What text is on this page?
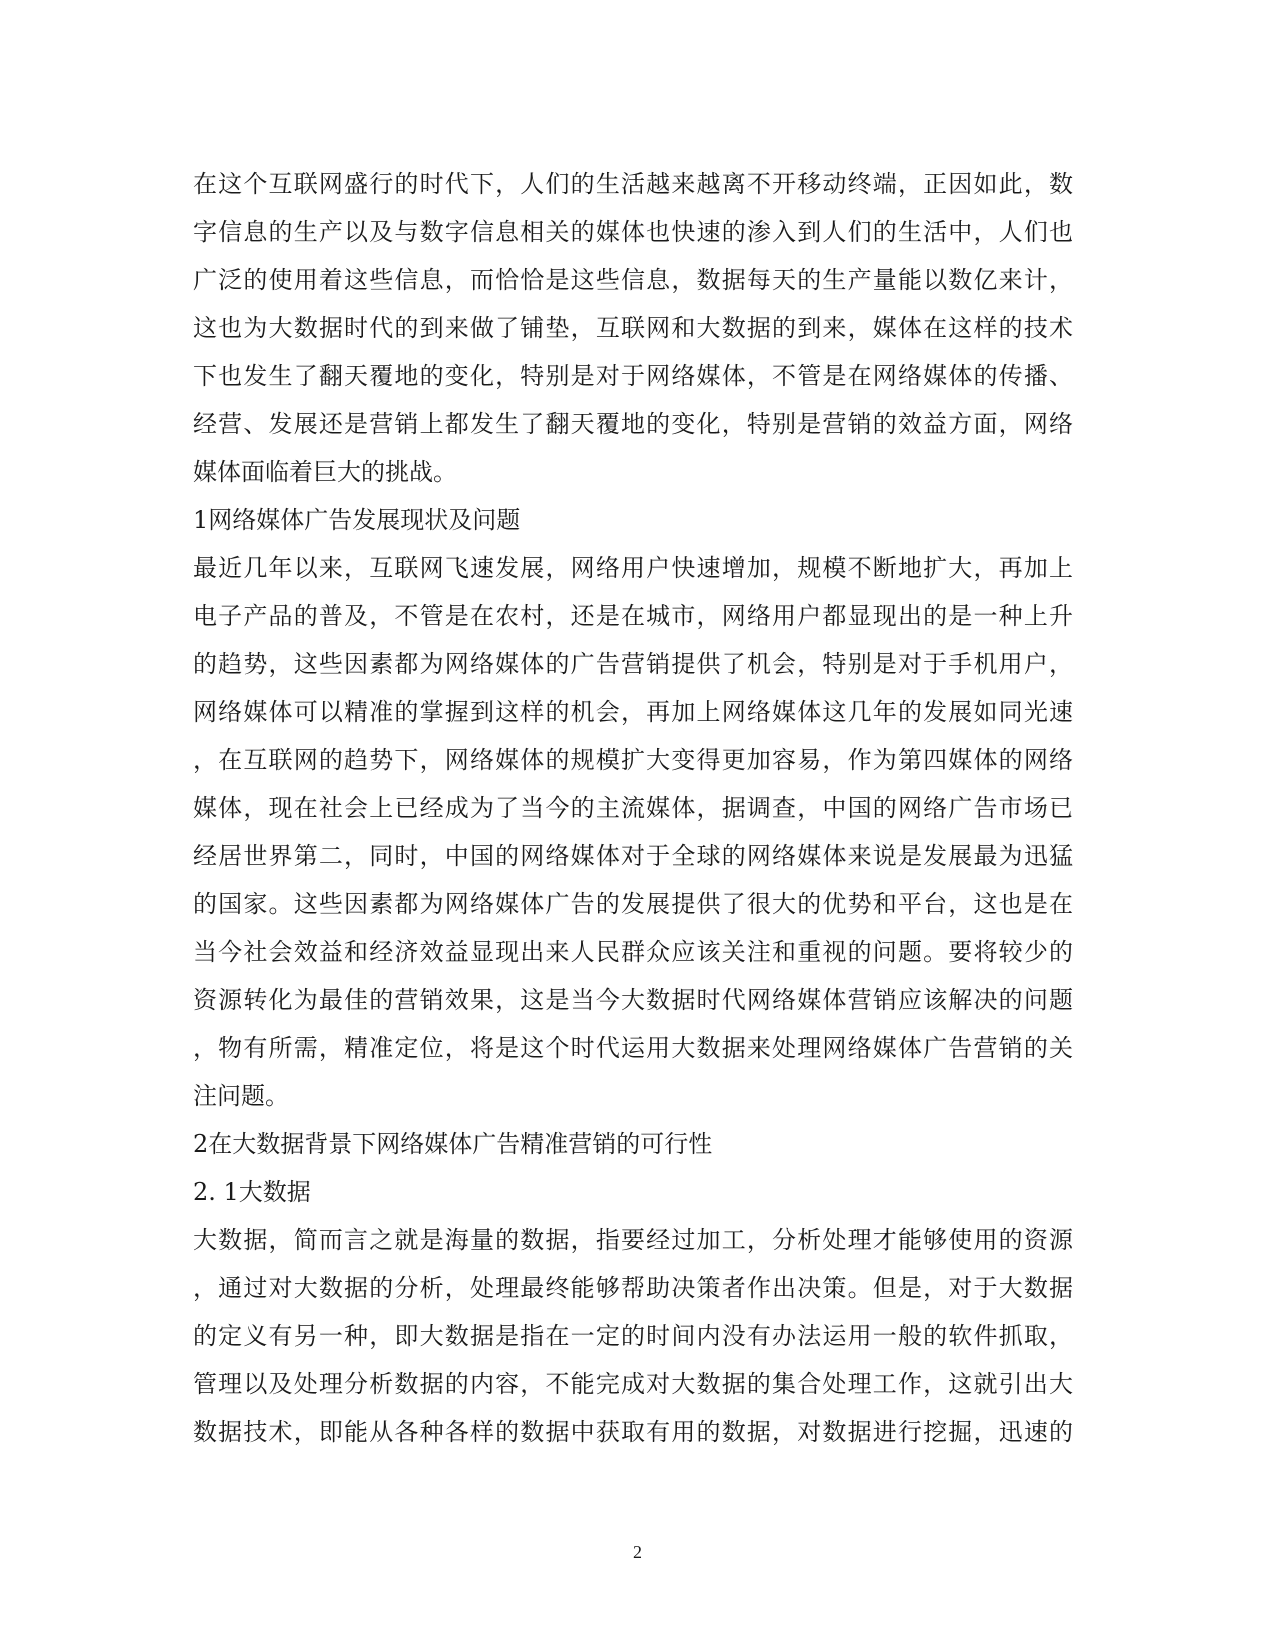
在这个互联网盛行的时代下，人们的生活越来越离不开移动终端，正因如此，数
字信息的生产以及与数字信息相关的媒体也快速的渗入到人们的生活中，人们也
广泛的使用着这些信息，而恰恰是这些信息，数据每天的生产量能以数亿来计，
这也为大数据时代的到来做了铺垫，互联网和大数据的到来，媒体在这样的技术
下也发生了翻天覆地的变化，特别是对于网络媒体，不管是在网络媒体的传播、
经营、发展还是营销上都发生了翻天覆地的变化，特别是营销的效益方面，网络
媒体面临着巨大的挑战。
1网络媒体广告发展现状及问题
最近几年以来，互联网飞速发展，网络用户快速增加，规模不断地扩大，再加上
电子产品的普及，不管是在农村，还是在城市，网络用户都显现出的是一种上升
的趋势，这些因素都为网络媒体的广告营销提供了机会，特别是对于手机用户，
网络媒体可以精准的掌握到这样的机会，再加上网络媒体这几年的发展如同光速
，在互联网的趋势下，网络媒体的规模扩大变得更加容易，作为第四媒体的网络
媒体，现在社会上已经成为了当今的主流媒体，据调查，中国的网络广告市场已
经居世界第二，同时，中国的网络媒体对于全球的网络媒体来说是发展最为迅猛
的国家。这些因素都为网络媒体广告的发展提供了很大的优势和平台，这也是在
当今社会效益和经济效益显现出来人民群众应该关注和重视的问题。要将较少的
资源转化为最佳的营销效果，这是当今大数据时代网络媒体营销应该解决的问题
，物有所需，精准定位，将是这个时代运用大数据来处理网络媒体广告营销的关
注问题。
2在大数据背景下网络媒体广告精准营销的可行性
2. 1大数据
大数据，简而言之就是海量的数据，指要经过加工，分析处理才能够使用的资源
，通过对大数据的分析，处理最终能够帮助决策者作出决策。但是，对于大数据
的定义有另一种，即大数据是指在一定的时间内没有办法运用一般的软件抓取，
管理以及处理分析数据的内容，不能完成对大数据的集合处理工作，这就引出大
数据技术，即能从各种各样的数据中获取有用的数据，对数据进行挖掘，迅速的
2
